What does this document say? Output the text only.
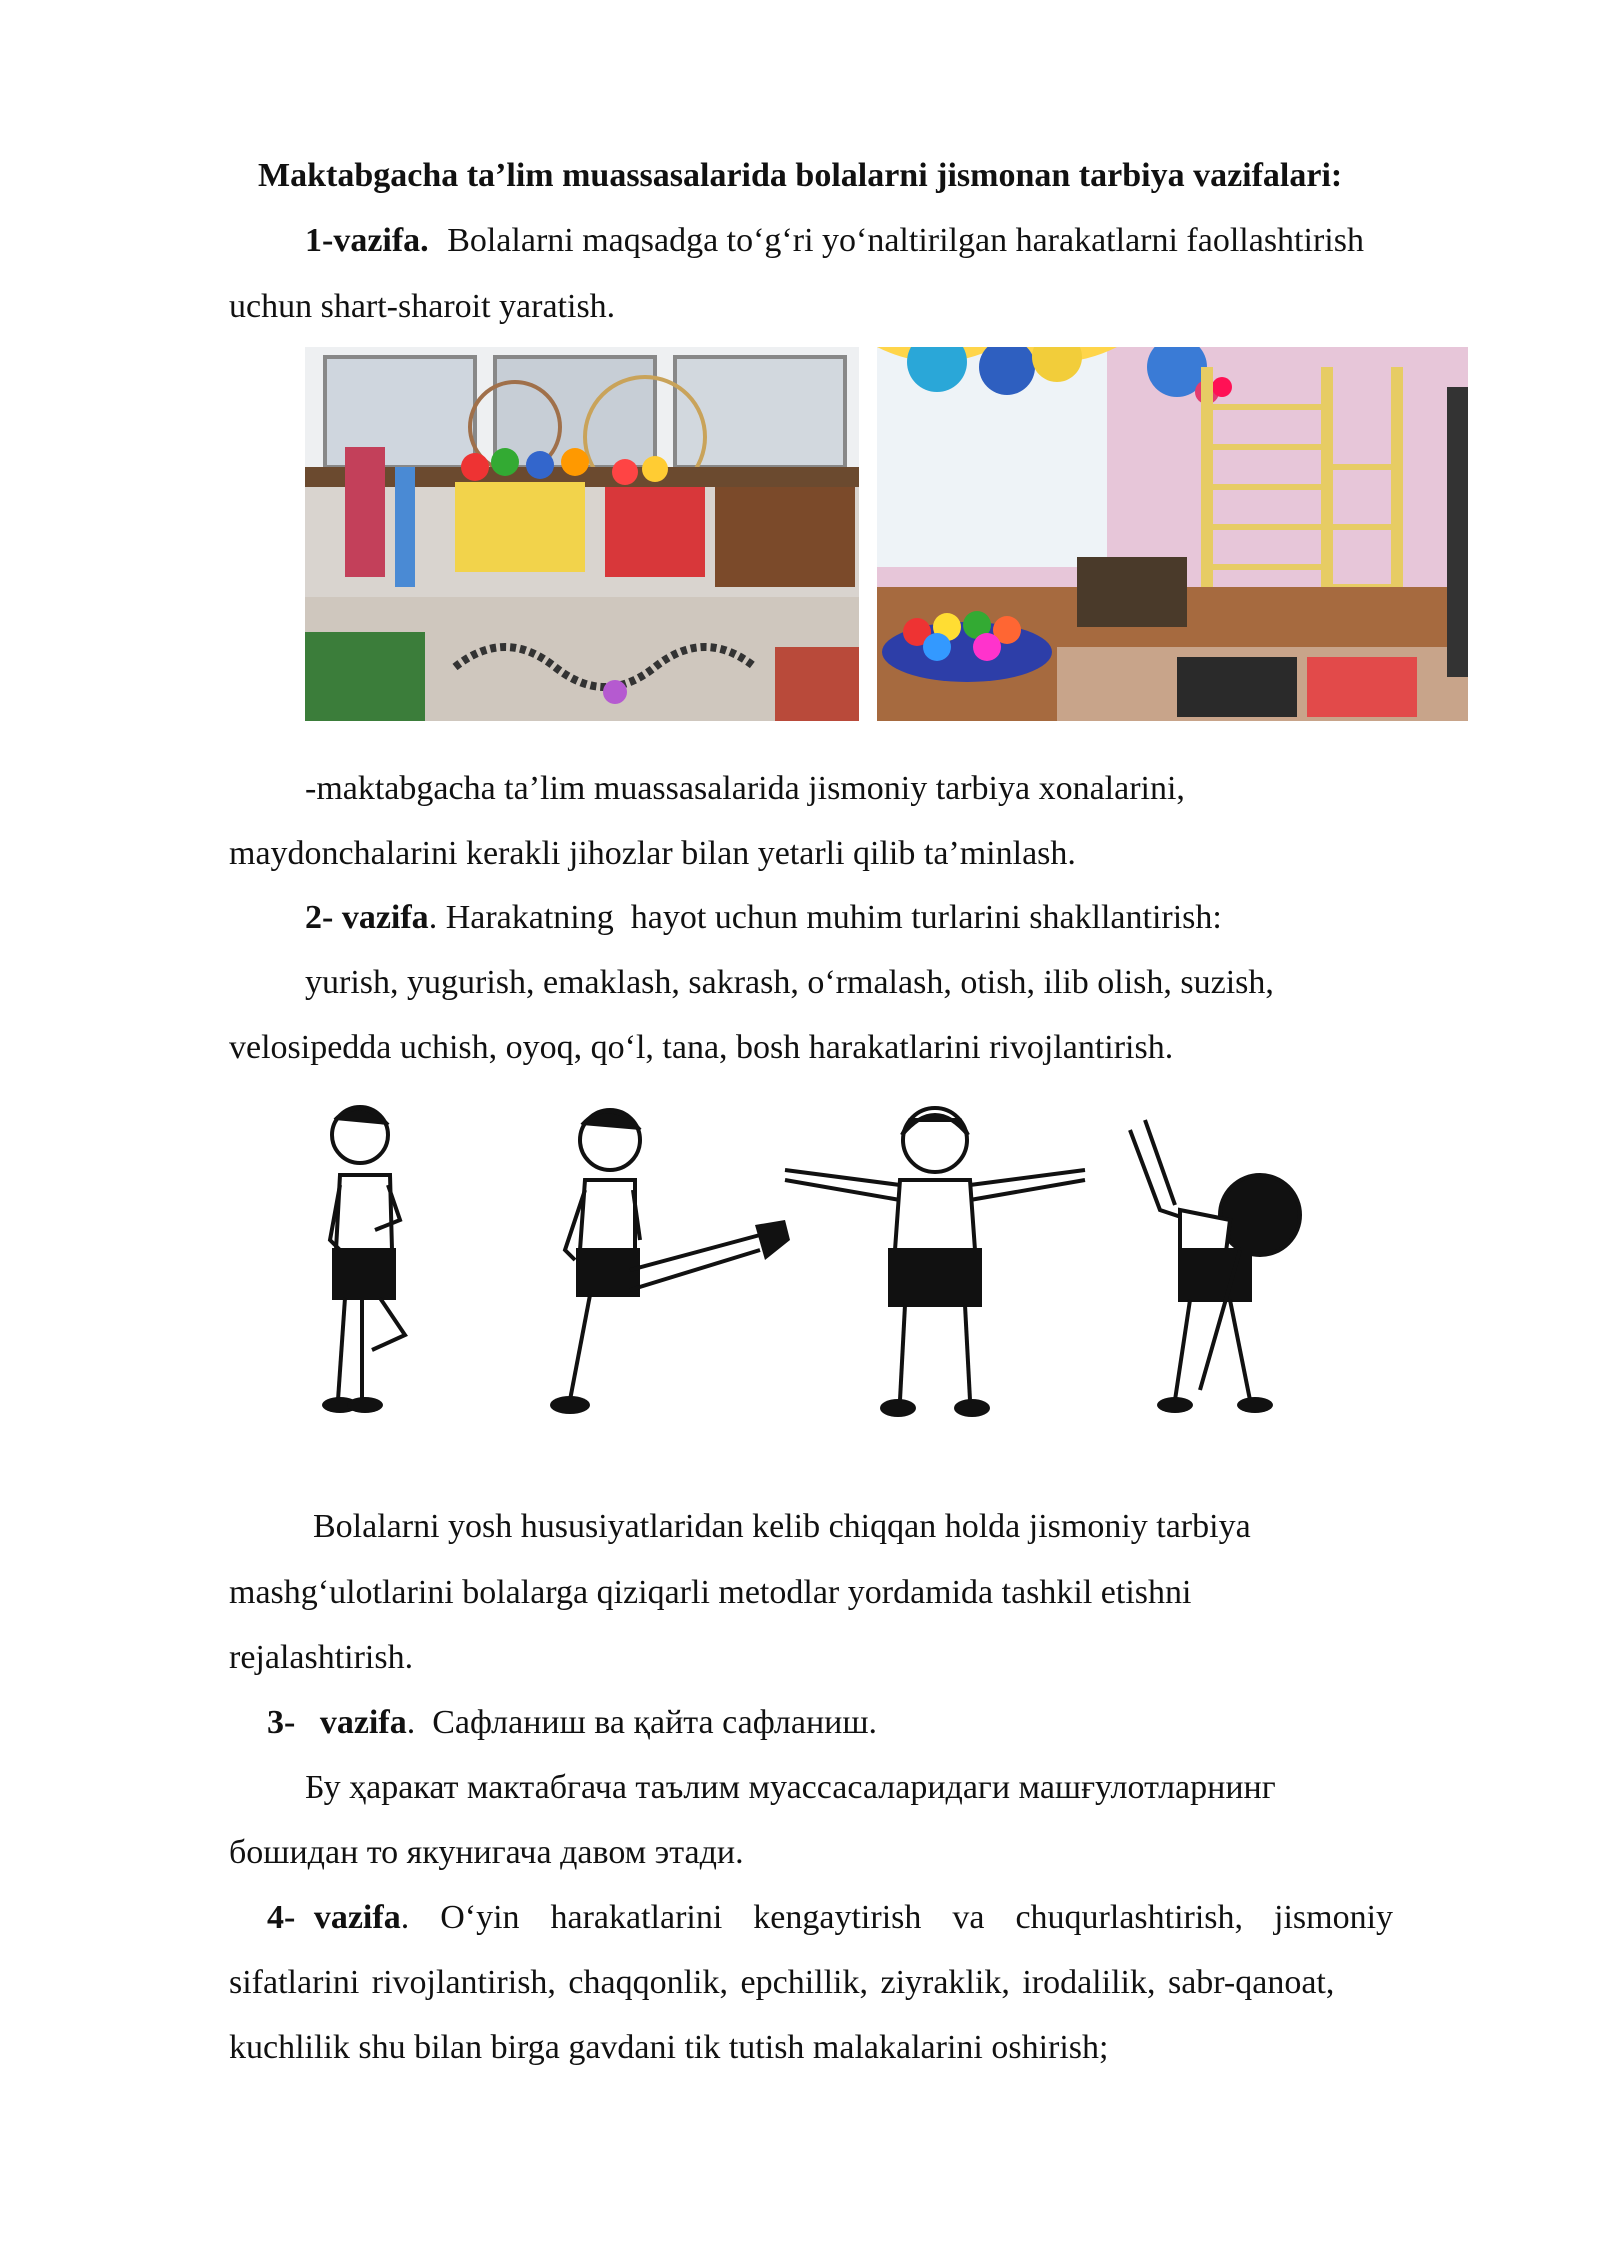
Maktabgacha ta’lim muassasalarida bolalarni jismonan tarbiya vazifalari:
1-vazifa. Bolalarni maqsadga to‘g‘ri yo‘naltirilgan harakatlarni faollashtirish
uchun shart-sharoit yaratish.
-maktabgacha ta’lim muassasalarida jismoniy tarbiya xonalarini,
maydonchalarini kerakli jihozlar bilan yetarli qilib ta’minlash.
2- vazifa. Harakatning  hayot uchun muhim turlarini shakllantirish:
yurish, yugurish, emaklash, sakrash, o‘rmalash, otish, ilib olish, suzish,
velosipedda uchish, oyoq, qo‘l, tana, bosh harakatlarini rivojlantirish.
Bolalarni yosh hususiyatlaridan kelib chiqqan holda jismoniy tarbiya
mashg‘ulotlarini bolalarga qiziqarli metodlar yordamida tashkil etishni
rejalashtirish.
3- vazifa.  Сафланиш ва қайта сафланиш.
Бу ҳаракат мактабгача таълим муассасаларидаги машғулотларнинг
бошидан то якунигача давом этади.
4- vazifa.  O‘yin  harakatlarini  kengaytirish  va  chuqurlashtirish,  jismoniy
sifatlarini rivojlantirish, chaqqonlik, epchillik, ziyraklik, irodalilik, sabr-qanoat,
kuchlilik shu bilan birga gavdani tik tutish malakalarini oshirish;
